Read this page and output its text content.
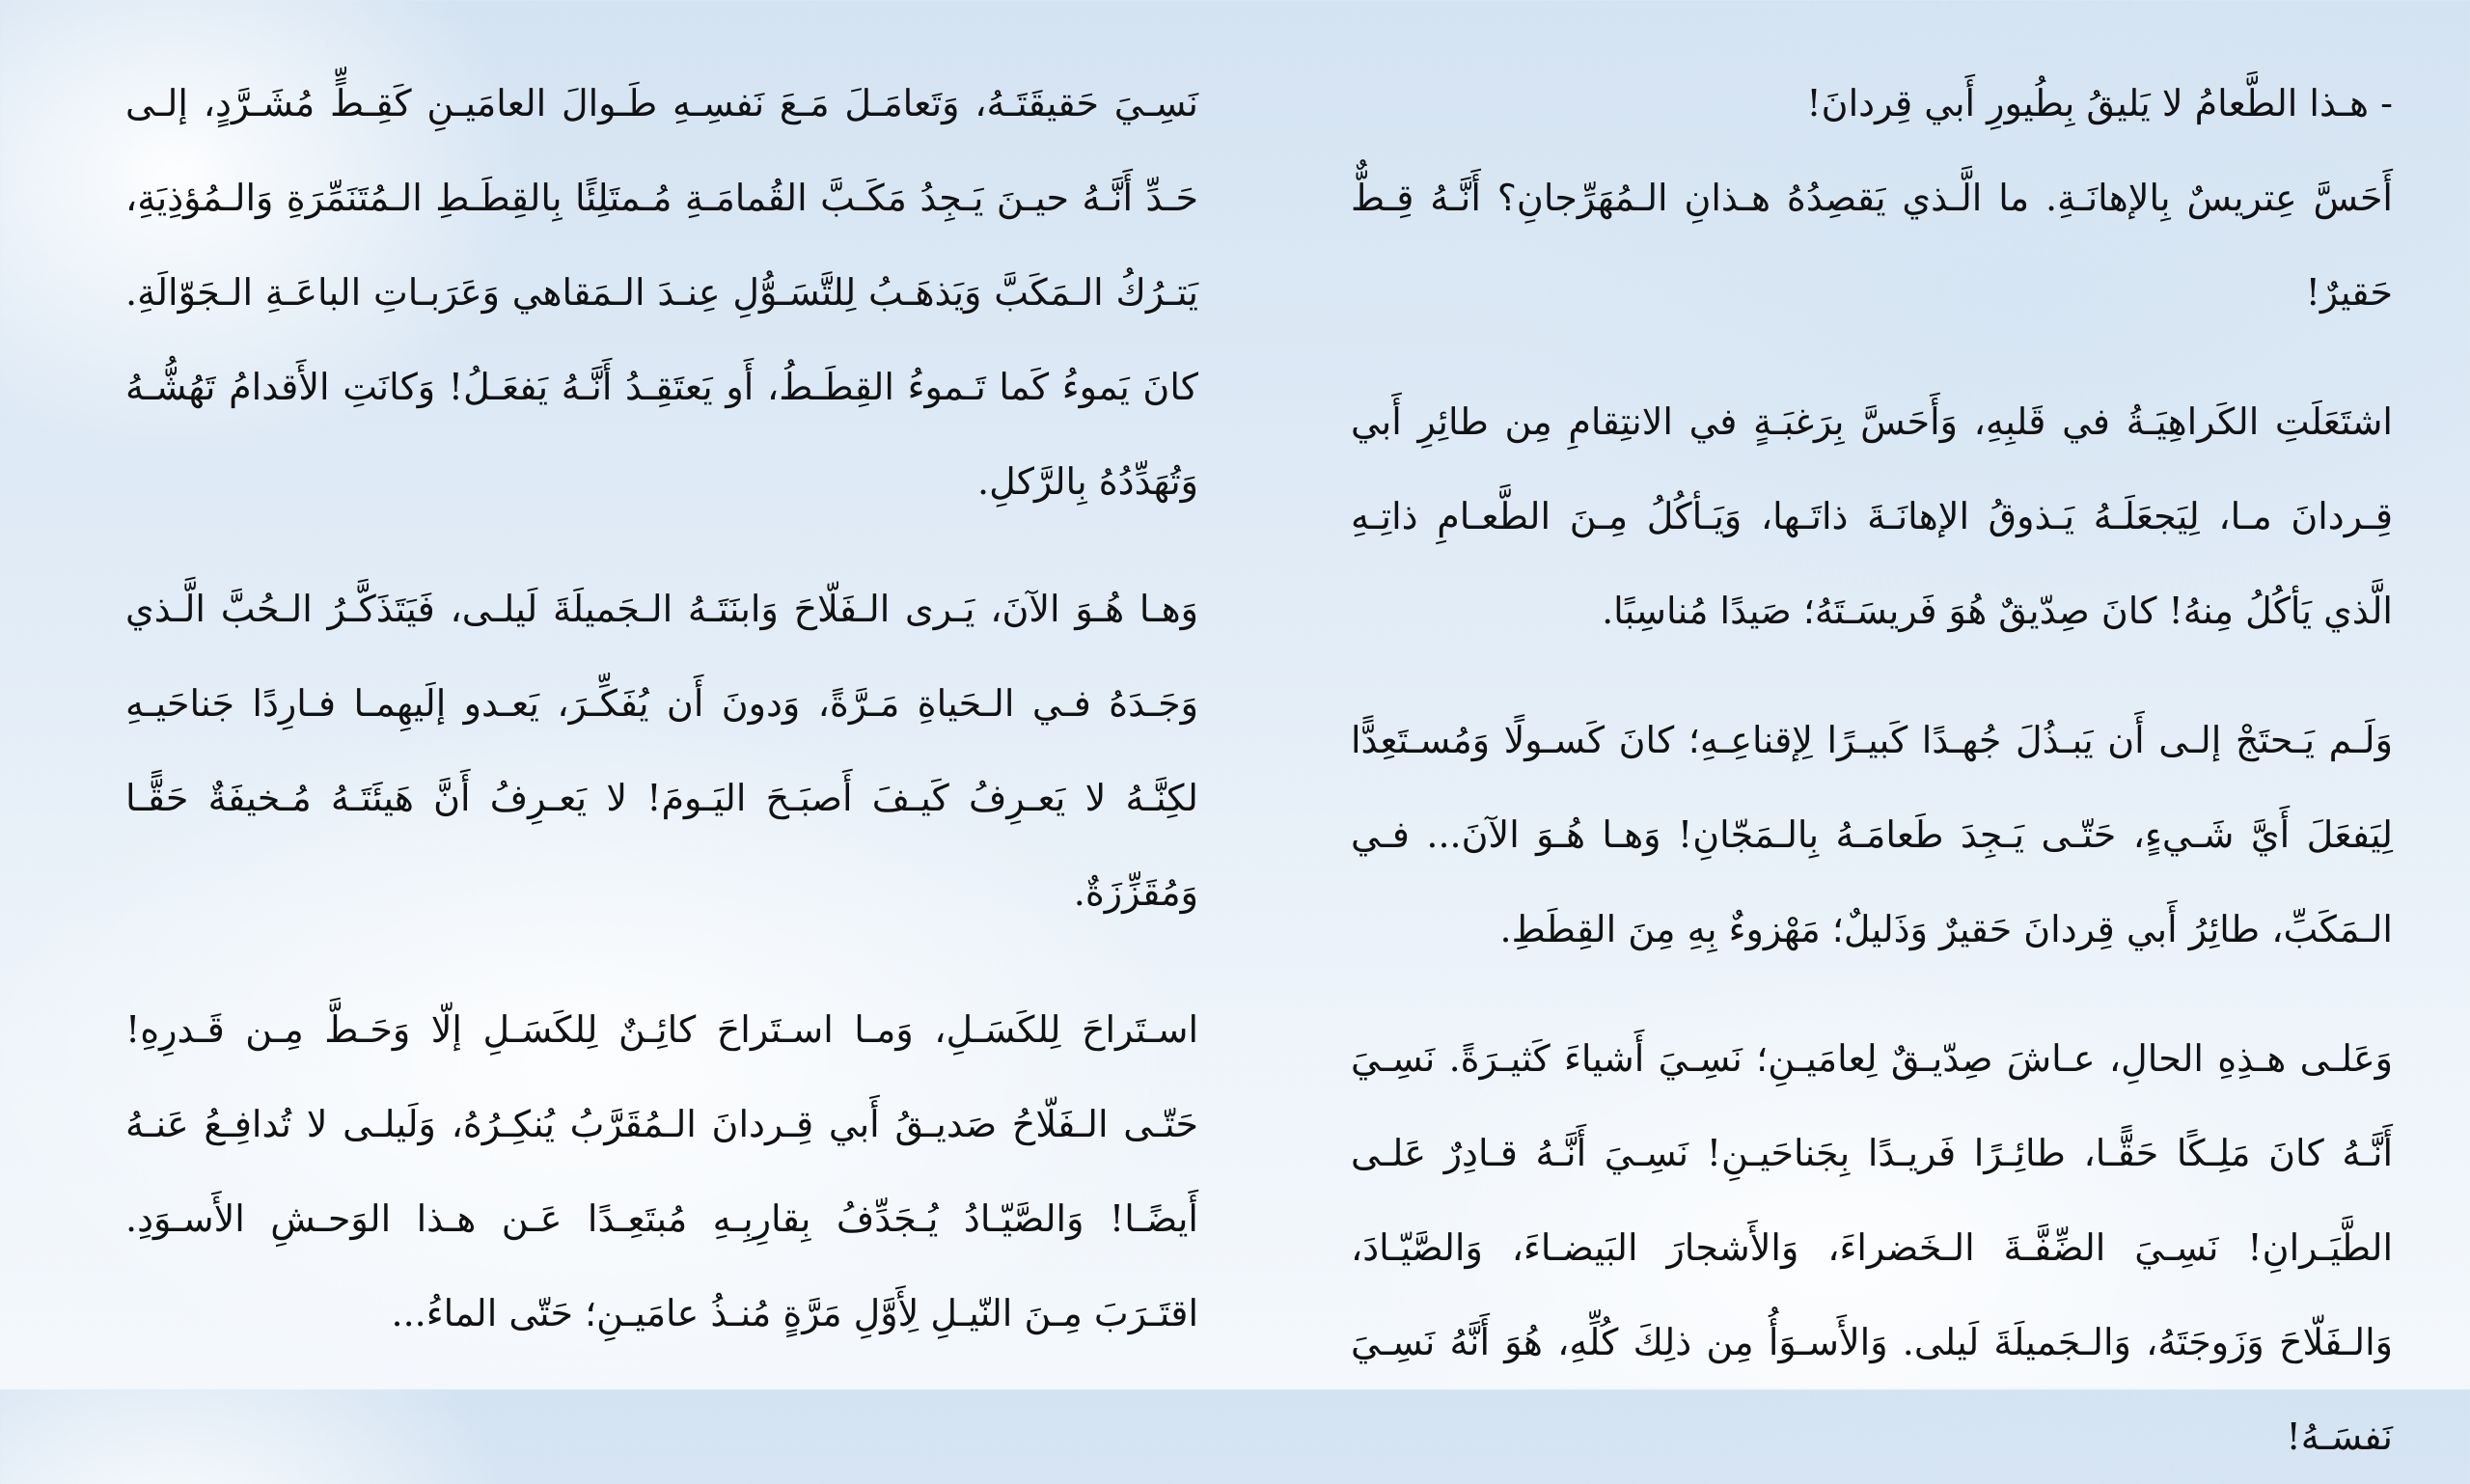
- هـذا الطَّعامُ لا يَليقُ بِطُيورِ أَبي قِردانَ!

أَحَسَّ عِتريسٌ بِالإهانَـةِ. ما الَّـذي يَقصِدُهُ هـذانِ الـمُهَرِّجانِ؟ أَنَّـهُ قِـطٌّ حَقيرٌ!

اشتَعَلَتِ الكَراهِيَـةُ في قَلبِهِ، وَأَحَسَّ بِرَغبَـةٍ في الانتِقامِ مِن طائِرِ أَبي قِـردانَ مـا، لِيَجعَلَـهُ يَـذوقُ الإهانَـةَ ذاتَـها، وَيَـأكُلُ مِـنَ الطَّعـامِ ذاتِـهِ الَّذي يَأكُلُ مِنهُ! كانَ صِدّيقٌ هُوَ فَريسَـتَهُ؛ صَيدًا مُناسِبًا.

وَلَـم يَـحتَجْ إلـى أَن يَبـذُلَ جُهـدًا كَبيـرًا لِإقناعِـهِ؛ كانَ كَسـولًا وَمُسـتَعِدًّا لِيَفعَلَ أَيَّ شَـيءٍ، حَتّـى يَـجِدَ طَعامَـهُ بِالـمَجّانِ! وَهـا هُـوَ الآنَ... فـي الـمَكَبِّ، طائِرُ أَبي قِردانَ حَقيرٌ وَذَليلٌ؛ مَهْزوءٌ بِهِ مِنَ القِطَطِ.

وَعَلـى هـذِهِ الحالِ، عـاشَ صِدّيـقٌ لِعامَيـنِ؛ نَسِـيَ أَشياءَ كَثيـرَةً. نَسِـيَ أَنَّـهُ كانَ مَلِـكًا حَقًّـا، طائِـرًا فَريـدًا بِجَناحَيـنِ! نَسِـيَ أَنَّـهُ قـادِرٌ عَلـى الطَّيَـرانِ! نَسِـيَ الضِّفَّـةَ الـخَضراءَ، وَالأَشجارَ البَيضـاءَ، وَالصَّيّـادَ، وَالـفَلّاحَ وَزَوجَتَهُ، وَالـجَميلَةَ لَيلى. وَالأَسـوَأُ مِن ذلِكَ كُلِّهِ، هُوَ أَنَّهُ نَسِـيَ نَفسَـهُ!

نَسِـيَ حَقيقَتَـهُ، وَتَعامَـلَ مَـعَ نَفسِـهِ طَـوالَ العامَيـنِ كَقِـطٍّ مُشَـرَّدٍ، إلـى حَـدِّ أَنَّـهُ حيـنَ يَـجِدُ مَكَـبَّ القُمامَـةِ مُـمتَلِئًا بِالقِطَـطِ الـمُتَنَمِّرَةِ وَالـمُؤذِيَةِ، يَتـرُكُ الـمَكَبَّ وَيَذهَـبُ لِلتَّسَـوُّلِ عِنـدَ الـمَقاهي وَعَرَبـاتِ الباعَـةِ الـجَوّالَةِ. كانَ يَموءُ كَما تَـموءُ القِطَـطُ، أَو يَعتَقِـدُ أَنَّـهُ يَفعَـلُ! وَكانَتِ الأَقدامُ تَهُشُّـهُ وَتُهَدِّدُهُ بِالرَّكلِ.

وَهـا هُـوَ الآنَ، يَـرى الـفَلّاحَ وَابنَتَـهُ الـجَميلَةَ لَيلـى، فَيَتَذَكَّـرُ الـحُبَّ الَّـذي وَجَـدَهُ فـي الـحَياةِ مَـرَّةً، وَدونَ أَن يُفَكِّـرَ، يَعـدو إلَيهِمـا فـارِدًا جَناحَيـهِ لكِنَّـهُ لا يَعـرِفُ كَيـفَ أَصبَـحَ اليَـومَ! لا يَعـرِفُ أَنَّ هَيئَتَـهُ مُـخيفَةٌ حَقًّـا وَمُقَزِّزَةٌ.

اسـتَراحَ لِلكَسَـلِ، وَمـا اسـتَراحَ كائِـنٌ لِلكَسَـلِ إلّا وَحَـطَّ مِـن قَـدرِهِ! حَتّـى الـفَلّاحُ صَديـقُ أَبي قِـردانَ الـمُقَرَّبُ يُنكِـرُهُ، وَلَيلـى لا تُدافِـعُ عَنـهُ أَيضًـا! وَالصَّيّـادُ يُـجَدِّفُ بِقارِبِـهِ مُبتَعِـدًا عَـن هـذا الوَحـشِ الأَسـوَدِ. اقتَـرَبَ مِـنَ النّيـلِ لِأَوَّلِ مَرَّةٍ مُنـذُ عامَيـنِ؛ حَتّى الماءُ...
